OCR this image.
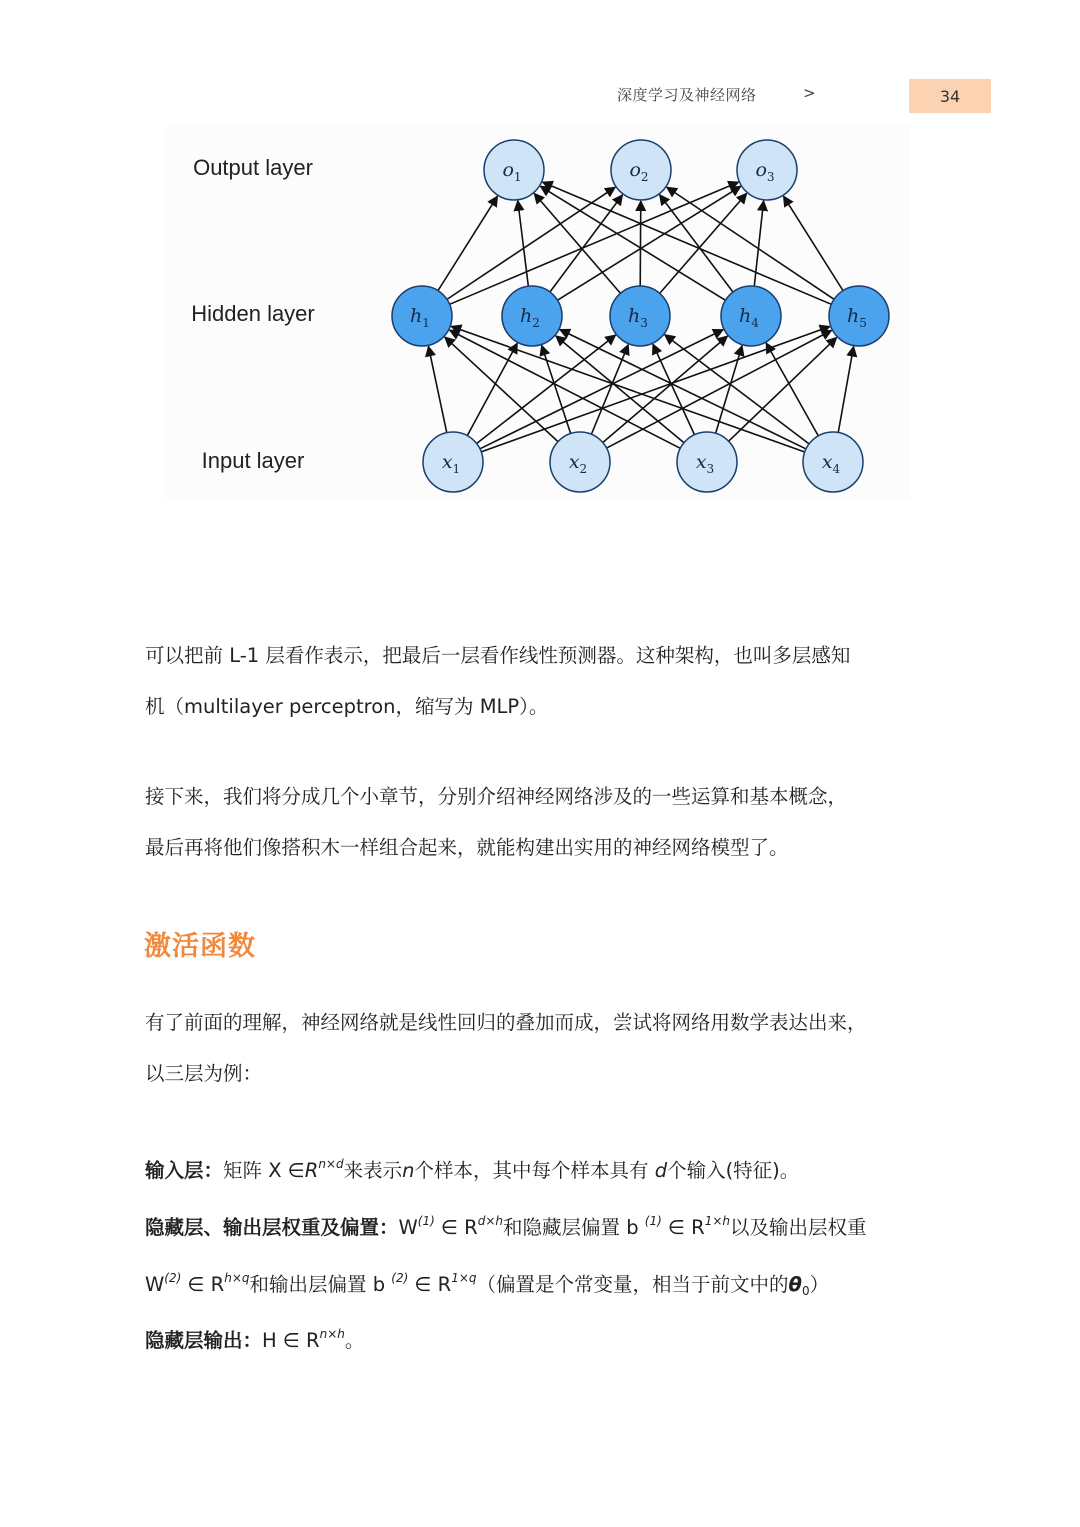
深度学习及神经网络	>	34
$o_1$	$o_2$	$o_3$
$h_1$	$h_2$	$h_3$	$h_4$	$h_5$
$x_1$	$x_2$	$x_3$	$x_4$
Output layer
Hidden layer
Input layer
可以把前 L-1 层看作表示，把最后一层看作线性预测器。这种架构，也叫多层感知
机（multilayer perceptron，缩写为 MLP）。
接下来，我们将分成几个小章节，分别介绍神经网络涉及的一些运算和基本概念，
最后再将他们像搭积木一样组合起来，就能构建出实用的神经网络模型了。
激活函数
有了前面的理解，神经网络就是线性回归的叠加而成，尝试将网络用数学表达出来，
以三层为例：
输入层：矩阵 X $\in R^{n\times d}$来表示n个样本，其中每个样本具有 d个输入(特征)。
隐藏层、输出层权重及偏置：$W^{(1)}$ ∈ $R^{d\times h}$和隐藏层偏置 b $^{(1)}$ ∈ $R^{1\times h}$以及输出层权重
$W^{(2)}$ ∈ $R^{h\times q}$和输出层偏置 b $^{(2)}$ ∈ $R^{1\times q}$（偏置是个常变量，相当于前文中的$\theta_0$）
隐藏层输出：H ∈ $R^{n\times h}$。
